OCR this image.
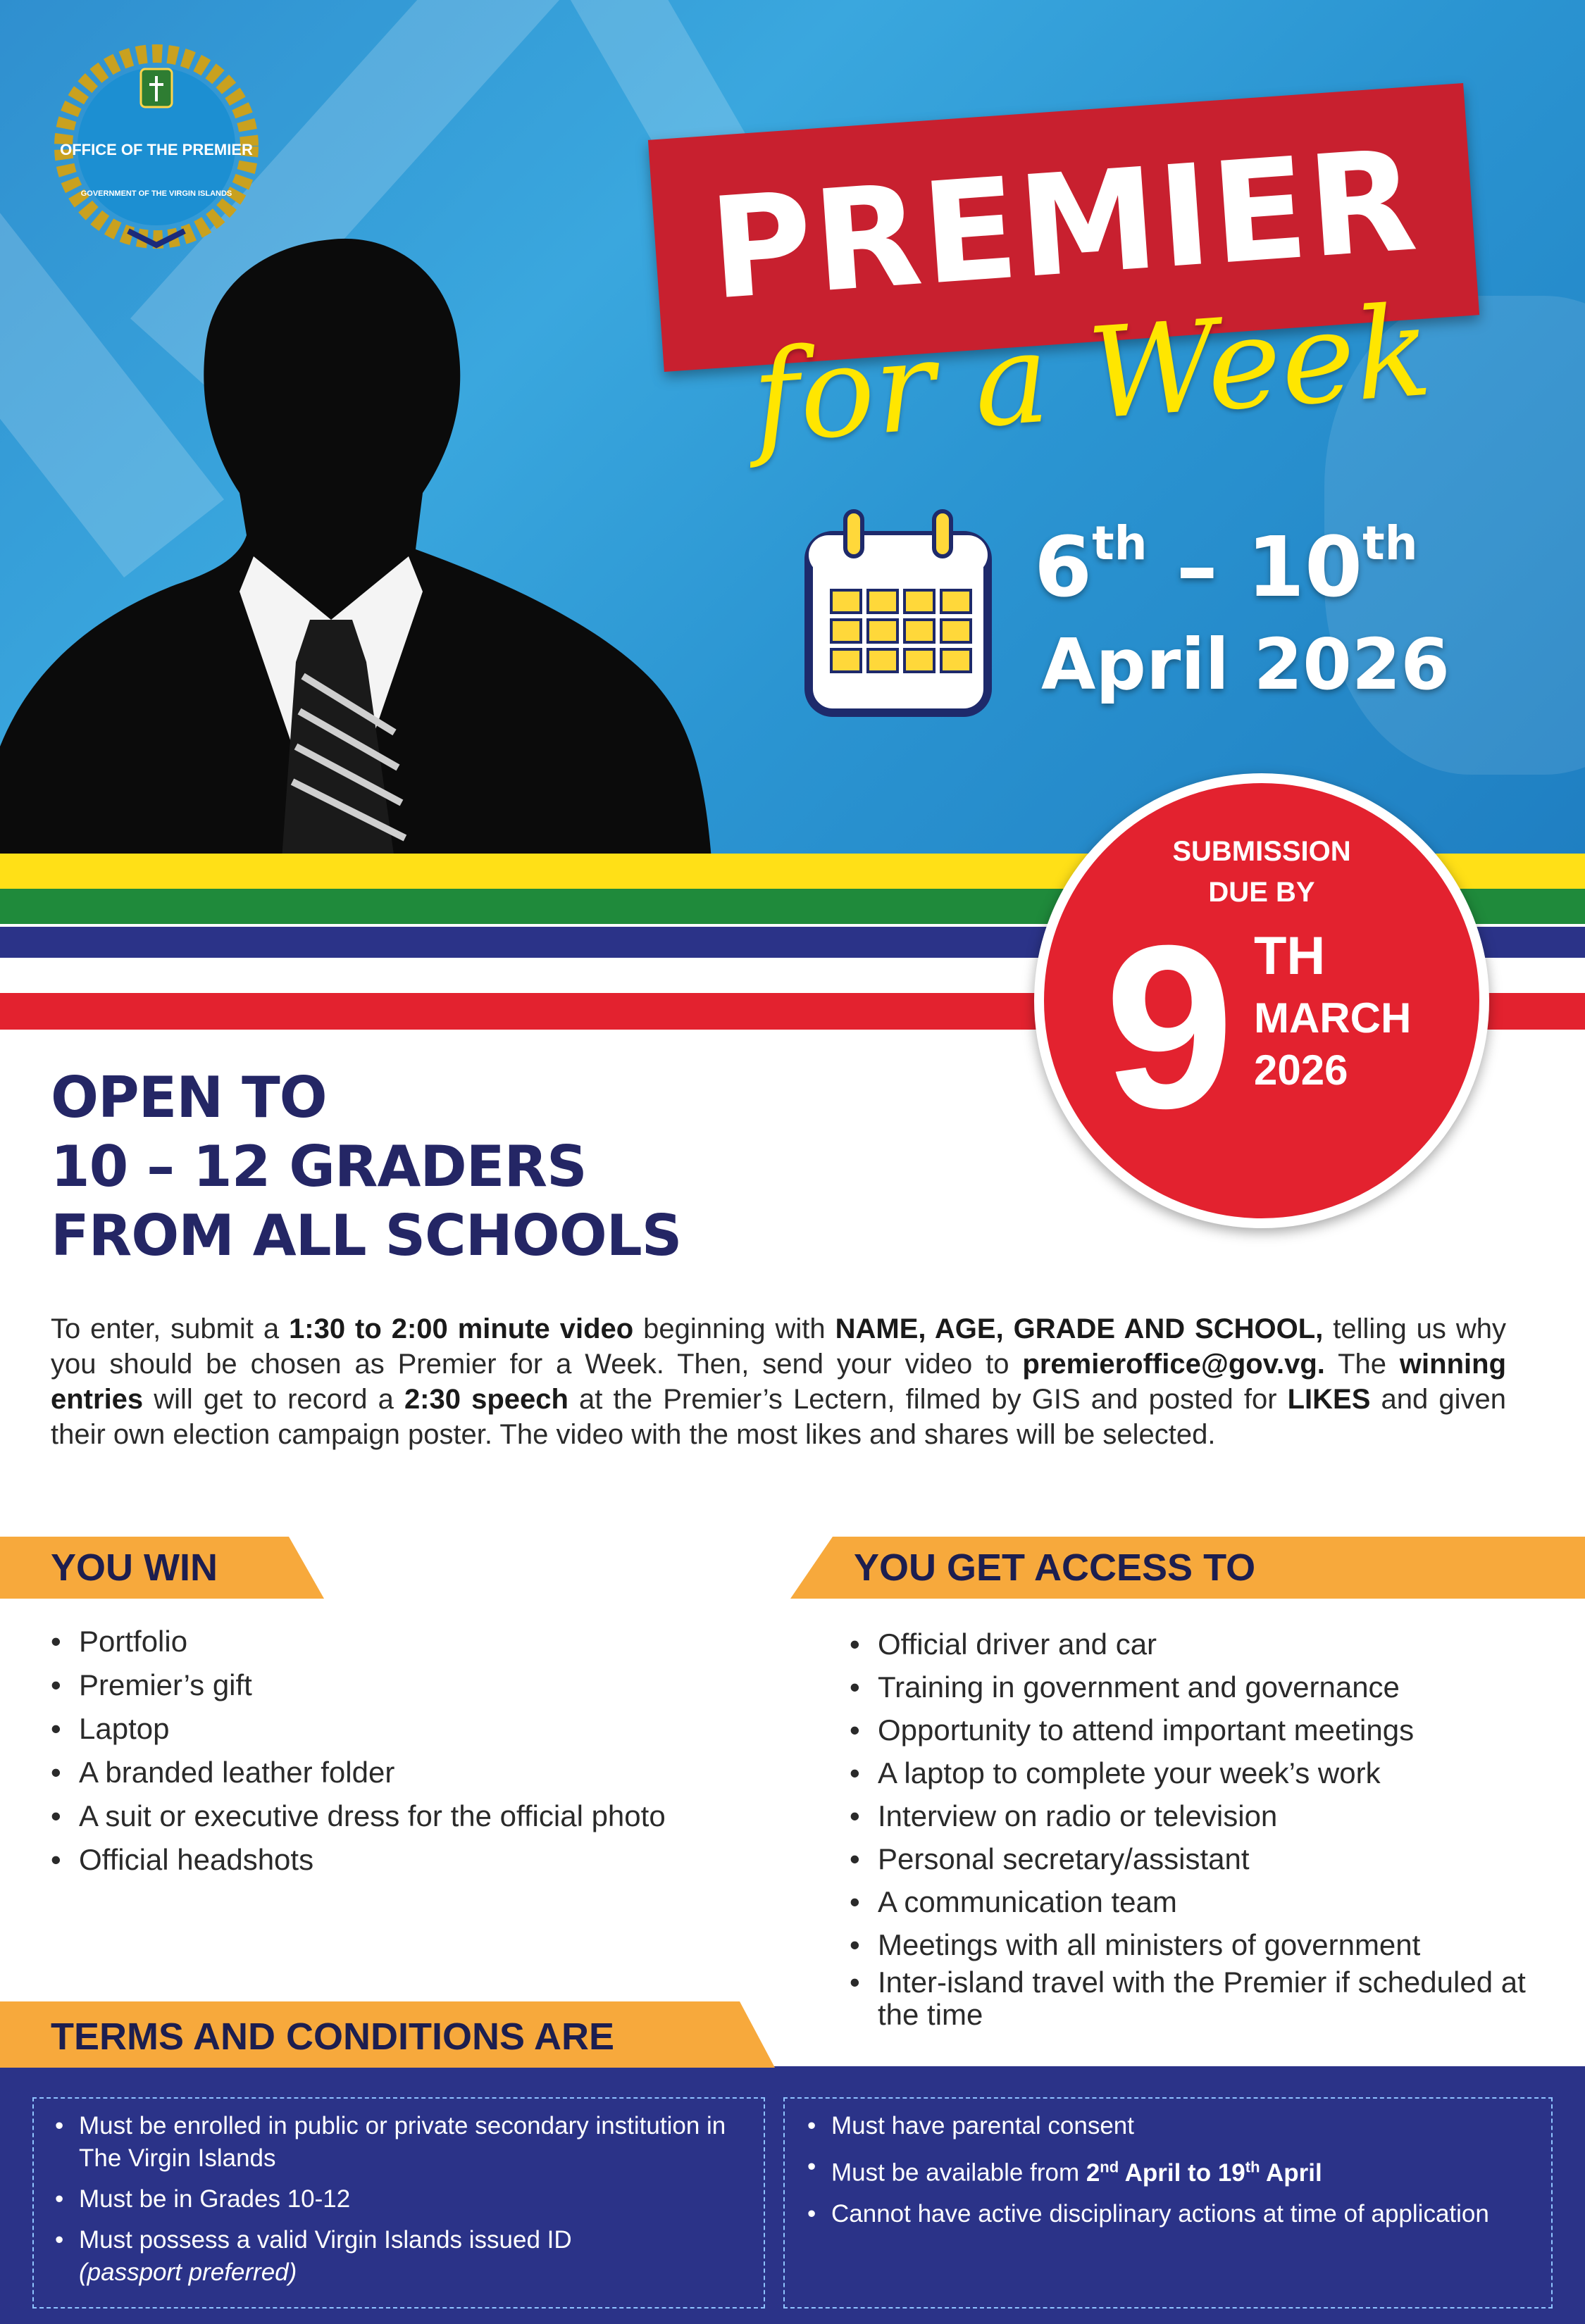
OFFICE OF THE PREMIER
GOVERNMENT OF THE VIRGIN ISLANDS	PREMIER
for a Week
6th – 10th
April 2026
SUBMISSION
DUE BY
9 TH
MARCH
2026
OPEN TO
10 – 12 GRADERS
FROM ALL SCHOOLS
To enter, submit a 1:30 to 2:00 minute video beginning with NAME, AGE, GRADE AND SCHOOL, telling us why you should be chosen as Premier for a Week. Then, send your video to premieroffice@gov.vg. The winning entries will get to record a 2:30 speech at the Premier’s Lectern, filmed by GIS and posted for LIKES and given their own election campaign poster. The video with the most likes and shares will be selected.
YOU WIN
• Portfolio
• Premier’s gift
• Laptop
• A branded leather folder
• A suit or executive dress for the official photo
• Official headshots
YOU GET ACCESS TO
• Official driver and car
• Training in government and governance
• Opportunity to attend important meetings
• A laptop to complete your week’s work
• Interview on radio or television
• Personal secretary/assistant
• A communication team
• Meetings with all ministers of government
• Inter-island travel with the Premier if scheduled at the time
TERMS AND CONDITIONS ARE
• Must be enrolled in public or private secondary institution in The Virgin Islands
• Must be in Grades 10-12
• Must possess a valid Virgin Islands issued ID
(passport preferred)
• Must have parental consent
• Must be available from 2nd April to 19th April
• Cannot have active disciplinary actions at time of application
